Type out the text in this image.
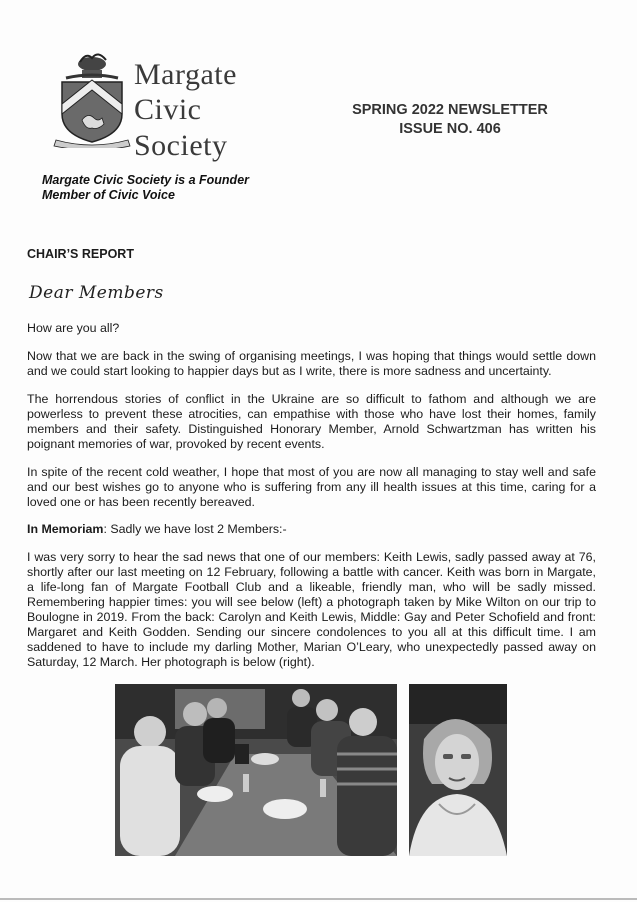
Margate
Civic
Society
SPRING 2022 NEWSLETTER
ISSUE NO. 406
Margate Civic Society is a Founder
Member of Civic Voice
CHAIR’S REPORT
Dear Members

How are you all?

Now that we are back in the swing of organising meetings, I was hoping that things would settle down and we could start looking to happier days but as I write, there is more sadness and uncertainty.

The horrendous stories of conflict in the Ukraine are so difficult to fathom and although we are powerless to prevent these atrocities, can empathise with those who have lost their homes, family members and their safety. Distinguished Honorary Member, Arnold Schwartzman has written his poignant memories of war, provoked by recent events.

In spite of the recent cold weather, I hope that most of you are now all managing to stay well and safe and our best wishes go to anyone who is suffering from any ill health issues at this time, caring for a loved one or has been recently bereaved.

In Memoriam: Sadly we have lost 2 Members:-

I was very sorry to hear the sad news that one of our members: Keith Lewis, sadly passed away at 76, shortly after our last meeting on 12 February, following a battle with cancer. Keith was born in Margate, a life-long fan of Margate Football Club and a likeable, friendly man, who will be sadly missed. Remembering happier times: you will see below (left) a photograph taken by Mike Wilton on our trip to Boulogne in 2019. From the back: Carolyn and Keith Lewis, Middle: Gay and Peter Schofield and front: Margaret and Keith Godden. Sending our sincere condolences to you all at this difficult time. I am saddened to have to include my darling Mother, Marian O’Leary, who unexpectedly passed away on Saturday, 12 March. Her photograph is below (right).
